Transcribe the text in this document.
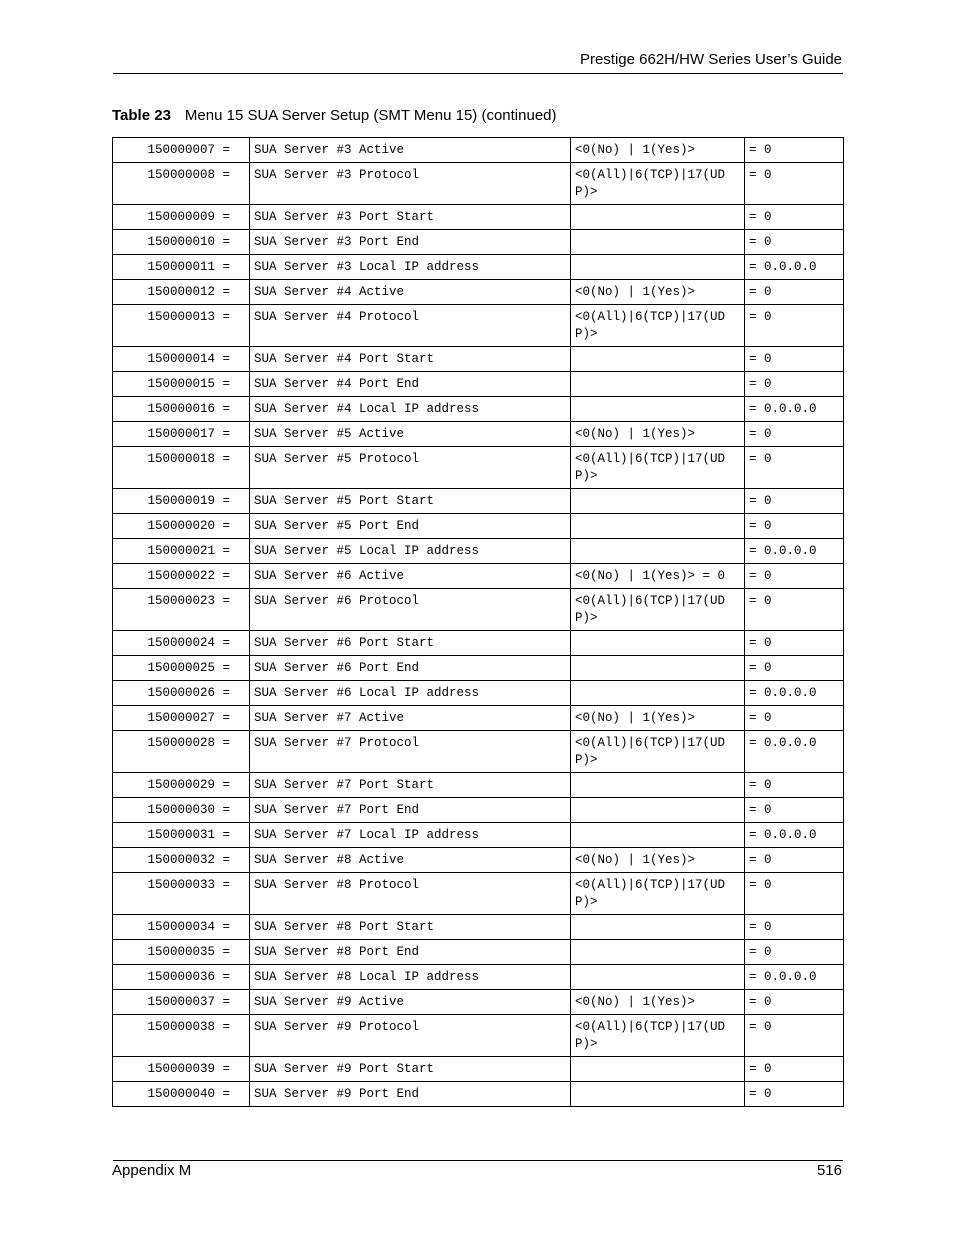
Prestige 662H/HW Series User’s Guide
Table 23 Menu 15 SUA Server Setup (SMT Menu 15) (continued)
150000007 =	SUA Server #3 Active	<0(No) | 1(Yes)>	= 0
150000008 =	SUA Server #3 Protocol	<0(All)|6(TCP)|17(UDP)>	= 0
150000009 =	SUA Server #3 Port Start		= 0
150000010 =	SUA Server #3 Port End		= 0
150000011 =	SUA Server #3 Local IP address		= 0.0.0.0
150000012 =	SUA Server #4 Active	<0(No) | 1(Yes)>	= 0
150000013 =	SUA Server #4 Protocol	<0(All)|6(TCP)|17(UDP)>	= 0
150000014 =	SUA Server #4 Port Start		= 0
150000015 =	SUA Server #4 Port End		= 0
150000016 =	SUA Server #4 Local IP address		= 0.0.0.0
150000017 =	SUA Server #5 Active	<0(No) | 1(Yes)>	= 0
150000018 =	SUA Server #5 Protocol	<0(All)|6(TCP)|17(UDP)>	= 0
150000019 =	SUA Server #5 Port Start		= 0
150000020 =	SUA Server #5 Port End		= 0
150000021 =	SUA Server #5 Local IP address		= 0.0.0.0
150000022 =	SUA Server #6 Active	<0(No) | 1(Yes)> = 0	= 0
150000023 =	SUA Server #6 Protocol	<0(All)|6(TCP)|17(UDP)>	= 0
150000024 =	SUA Server #6 Port Start		= 0
150000025 =	SUA Server #6 Port End		= 0
150000026 =	SUA Server #6 Local IP address		= 0.0.0.0
150000027 =	SUA Server #7 Active	<0(No) | 1(Yes)>	= 0
150000028 =	SUA Server #7 Protocol	<0(All)|6(TCP)|17(UDP)>	= 0.0.0.0
150000029 =	SUA Server #7 Port Start		= 0
150000030 =	SUA Server #7 Port End		= 0
150000031 =	SUA Server #7 Local IP address		= 0.0.0.0
150000032 =	SUA Server #8 Active	<0(No) | 1(Yes)>	= 0
150000033 =	SUA Server #8 Protocol	<0(All)|6(TCP)|17(UDP)>	= 0
150000034 =	SUA Server #8 Port Start		= 0
150000035 =	SUA Server #8 Port End		= 0
150000036 =	SUA Server #8 Local IP address		= 0.0.0.0
150000037 =	SUA Server #9 Active	<0(No) | 1(Yes)>	= 0
150000038 =	SUA Server #9 Protocol	<0(All)|6(TCP)|17(UDP)>	= 0
150000039 =	SUA Server #9 Port Start		= 0
150000040 =	SUA Server #9 Port End		= 0
Appendix M	516
